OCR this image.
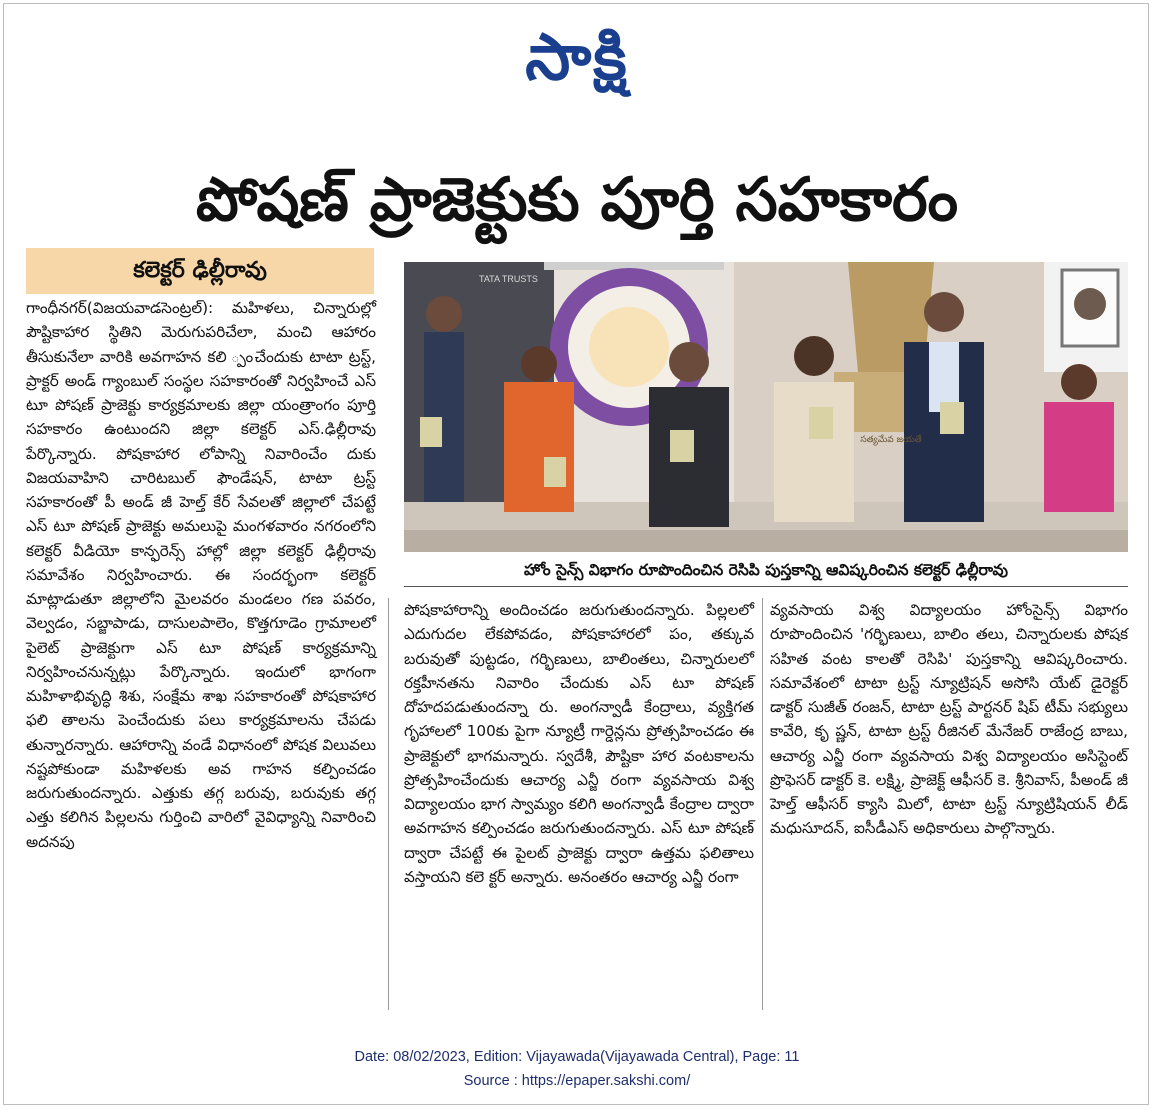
సాక్షి
పోషణ్ ప్రాజెక్టుకు పూర్తి సహకారం
కలెక్టర్ ఢిల్లీరావు

గాంధీనగర్(విజయవాడసెంట్రల్): మహిళలు, చిన్నారుల్లో పౌష్టికాహార స్థితిని మెరుగుపరిచేలా, మంచి ఆహారం తీసుకునేలా వారికి అవగాహన కలి ్పంచేందుకు టాటా ట్రస్ట్, ప్రాక్టర్ అండ్ గ్యాంబుల్ సంస్థల సహకారంతో నిర్వహించే ఎస్ టూ పోషణ్ ప్రాజెక్టు కార్యక్రమాలకు జిల్లా యంత్రాంగం పూర్తి సహకారం ఉంటుందని జిల్లా కలెక్టర్ ఎస్.ఢిల్లీరావు పేర్కొన్నారు. పోషకాహార లోపాన్ని నివారించేం దుకు విజయవాహిని చారిటబుల్ ఫౌండేషన్, టాటా ట్రస్ట్ సహకారంతో పీ అండ్ జీ హెల్త్ కేర్ సేవలతో జిల్లాలో చేపట్టే ఎస్ టూ పోషణ్ ప్రాజెక్టు అమలుపై మంగళవారం నగరంలోని కలెక్టర్ వీడియో కాన్ఫరెన్స్ హాల్లో జిల్లా కలెక్టర్ ఢిల్లీరావు సమావేశం నిర్వహించారు. ఈ సందర్భంగా కలెక్టర్ మాట్లాడుతూ జిల్లాలోని మైలవరం మండలం గణ పవరం, వెల్వడం, సబ్జాపాడు, దాసులపాలెం, కొత్తగూడెం గ్రామాలలో పైలెట్ ప్రాజెక్టుగా ఎస్ టూ పోషణ్ కార్యక్రమాన్ని నిర్వహించనున్నట్లు పేర్కొన్నారు. ఇందులో భాగంగా మహిళాభివృద్ధి శిశు, సంక్షేమ శాఖ సహకారంతో పోషకాహార ఫలి తాలను పెంచేందుకు పలు కార్యక్రమాలను చేపడు తున్నారన్నారు. ఆహారాన్ని వండే విధానంలో పోషక విలువలు నష్టపోకుండా మహిళలకు అవ గాహన కల్పించడం జరుగుతుందన్నారు. ఎత్తుకు తగ్గ బరువు, బరువుకు తగ్గ ఎత్తు కలిగిన పిల్లలను గుర్తించి వారిలో వైవిధ్యాన్ని నివారించి అదనపు

TATA TRUSTS
సత్యమేవ జయతే
హోం సైన్స్ విభాగం రూపొందించిన రెసిపి పుస్తకాన్ని ఆవిష్కరించిన కలెక్టర్ ఢిల్లీరావు

పోషకాహారాన్ని అందించడం జరుగుతుందన్నారు. పిల్లలలో ఎదుగుదల లేకపోవడం, పోషకాహారలో పం, తక్కువ బరువుతో పుట్టడం, గర్భిణులు, బాలింతలు, చిన్నారులలో రక్తహీనతను నివారిం చేందుకు ఎస్ టూ పోషణ్ దోహదపడుతుందన్నా రు. అంగన్వాడీ కేంద్రాలు, వ్యక్తిగత గృహాలలో 100కు పైగా న్యూట్రీ గార్డెన్లను ప్రోత్సహించడం ఈ ప్రాజెక్టులో భాగమన్నారు. స్వదేశీ, పౌష్టికా హార వంటకాలను ప్రోత్సహించేందుకు ఆచార్య ఎన్జీ రంగా వ్యవసాయ విశ్వ విద్యాలయం భాగ స్వామ్యం కలిగి అంగన్వాడీ కేంద్రాల ద్వారా అవగాహన కల్పించడం జరుగుతుందన్నారు. ఎస్ టూ పోషణ్ ద్వారా చేపట్టే ఈ పైలట్ ప్రాజెక్టు ద్వారా ఉత్తమ ఫలితాలు వస్తాయని కలె క్టర్ అన్నారు. అనంతరం ఆచార్య ఎన్జీ రంగా

వ్యవసాయ విశ్వ విద్యాలయం హోంసైన్స్ విభాగం రూపొందించిన 'గర్భిణులు, బాలిం తలు, చిన్నారులకు పోషక సహిత వంట కాలతో రెసిపి' పుస్తకాన్ని ఆవిష్కరించారు. సమావేశంలో టాటా ట్రస్ట్ న్యూట్రిషన్ అసోసి యేట్ డైరెక్టర్ డాక్టర్ సుజీత్ రంజన్, టాటా ట్రస్ట్ పార్టనర్ షిప్ టీమ్ సభ్యులు కావేరి, కృ ష్ణన్, టాటా ట్రస్ట్ రీజినల్ మేనేజర్ రాజేంద్ర బాబు, ఆచార్య ఎన్జీ రంగా వ్యవసాయ విశ్వ విద్యాలయం అసిస్టెంట్ ప్రొఫెసర్ డాక్టర్ కె. లక్ష్మి, ప్రాజెక్ట్ ఆఫీసర్ కె. శ్రీనివాస్, పీఅండ్ జీ హెల్త్ ఆఫీసర్ క్యాసి మిలో, టాటా ట్రస్ట్ న్యూట్రిషియన్ లీడ్ మధుసూదన్, ఐసీడీఎస్ అధికారులు పాల్గొన్నారు.

Date: 08/02/2023, Edition: Vijayawada(Vijayawada Central), Page: 11
Source : https://epaper.sakshi.com/
